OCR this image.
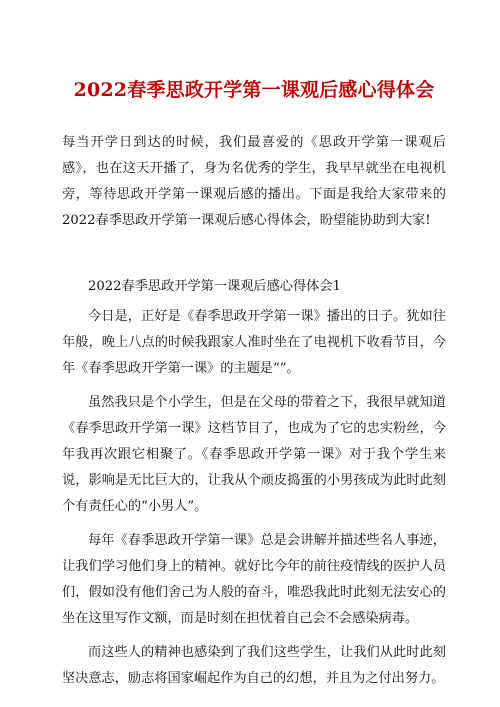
2022春季思政开学第一课观后感心得体会

每当开学日到达的时候，我们最喜爱的《思政开学第一课观后感》，也在这天开播了，身为名优秀的学生，我早早就坐在电视机旁，等待思政开学第一课观后感的播出。下面是我给大家带来的2022春季思政开学第一课观后感心得体会，盼望能协助到大家!

2022春季思政开学第一课观后感心得体会1

今日是，正好是《春季思政开学第一课》播出的日子。犹如往年般，晚上八点的时候我跟家人准时坐在了电视机下收看节目，今年《春季思政开学第一课》的主题是“”。

虽然我只是个小学生，但是在父母的带着之下，我很早就知道《春季思政开学第一课》这档节目了，也成为了它的忠实粉丝，今年我再次跟它相聚了。《春季思政开学第一课》对于我个学生来说，影响是无比巨大的，让我从个顽皮捣蛋的小男孩成为此时此刻个有责任心的“小男人”。

每年《春季思政开学第一课》总是会讲解并描述些名人事迹，让我们学习他们身上的精神。就好比今年的前往疫情线的医护人员们，假如没有他们舍己为人般的奋斗，唯恐我此时此刻无法安心的坐在这里写作文额，而是时刻在担忧着自己会不会感染病毒。

而这些人的精神也感染到了我们这些学生，让我们从此时此刻坚决意志，励志将国家崛起作为自己的幻想，并且为之付出努力。
